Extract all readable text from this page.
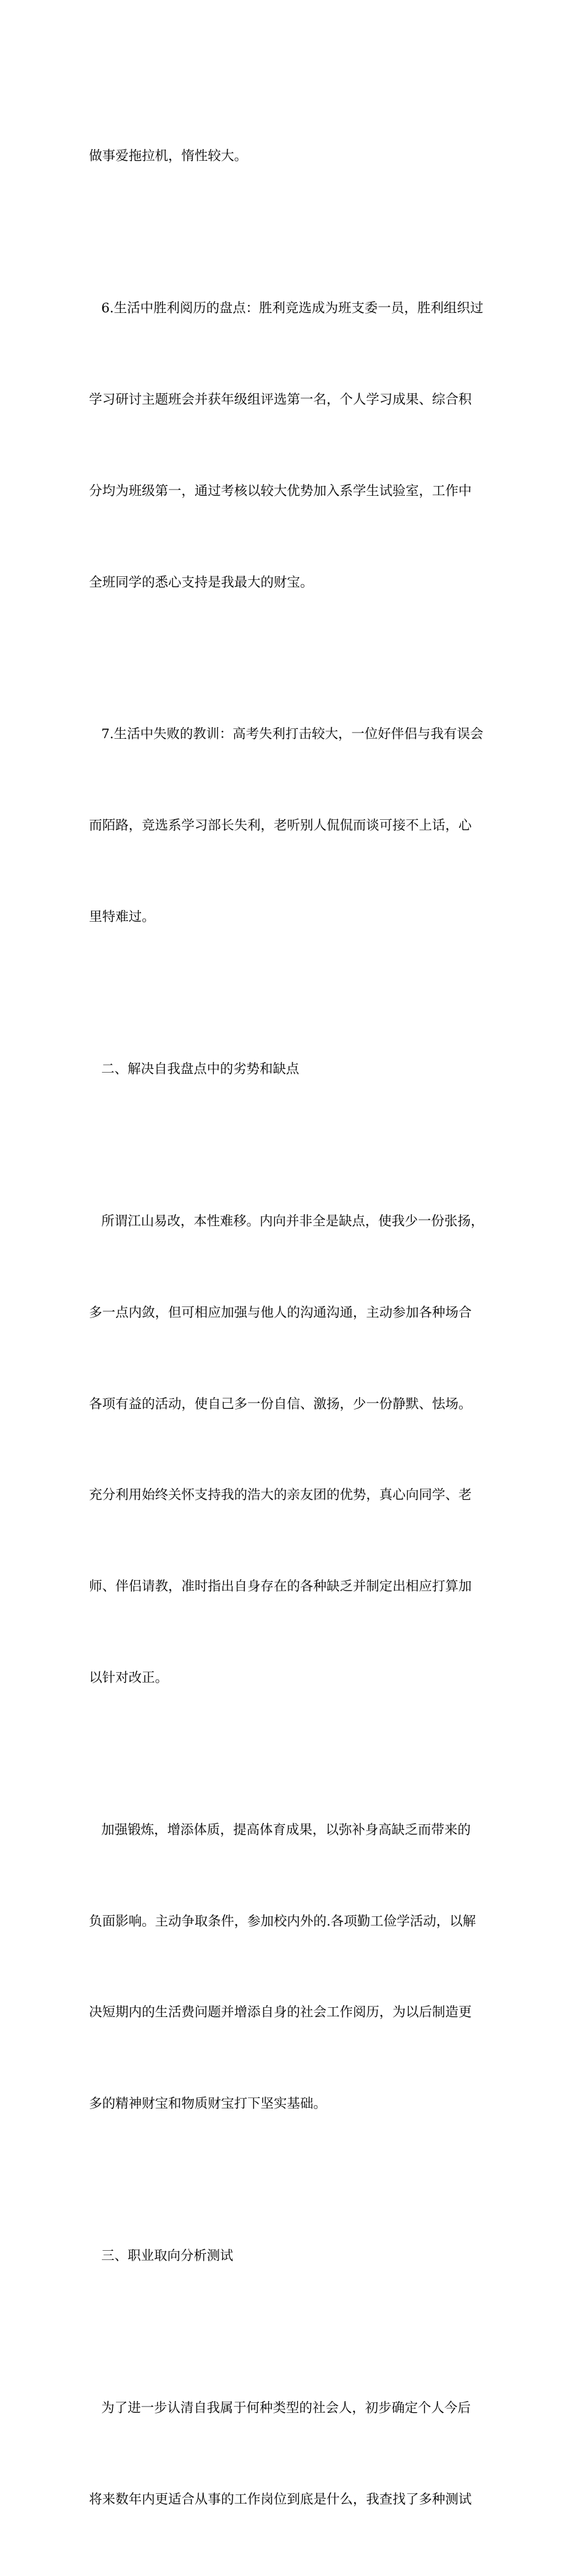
做事爱拖拉机，惰性较大。

6.生活中胜利阅历的盘点：胜利竞选成为班支委一员，胜利组织过

学习研讨主题班会并获年级组评选第一名，个人学习成果、综合积

分均为班级第一，通过考核以较大优势加入系学生试验室，工作中

全班同学的悉心支持是我最大的财宝。

7.生活中失败的教训：高考失利打击较大，一位好伴侣与我有误会

而陌路，竞选系学习部长失利，老听别人侃侃而谈可接不上话，心

里特难过。

二、解决自我盘点中的劣势和缺点

所谓江山易改，本性难移。内向并非全是缺点，使我少一份张扬，

多一点内敛，但可相应加强与他人的沟通沟通，主动参加各种场合

各项有益的活动，使自己多一份自信、激扬，少一份静默、怯场。

充分利用始终关怀支持我的浩大的亲友团的优势，真心向同学、老

师、伴侣请教，准时指出自身存在的各种缺乏并制定出相应打算加

以针对改正。

加强锻炼，增添体质，提高体育成果，以弥补身高缺乏而带来的

负面影响。主动争取条件，参加校内外的.各项勤工俭学活动，以解

决短期内的生活费问题并增添自身的社会工作阅历，为以后制造更

多的精神财宝和物质财宝打下坚实基础。

三、职业取向分析测试

为了进一步认清自我属于何种类型的社会人，初步确定个人今后

将来数年内更适合从事的工作岗位到底是什么，我查找了多种测试
